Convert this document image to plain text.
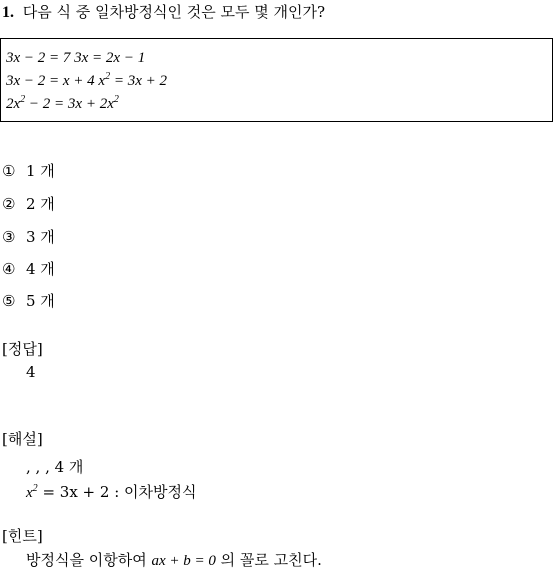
1. 다음 식 중 일차방정식인 것은 모두 몇 개인가?
3x − 2 = 7 3x = 2x − 1
3x − 2 = x + 4 $x^2 = 3x + 2$
$2x^2 - 2 = 3x + 2x^2$
① 1 개
② 2 개
③ 3 개
④ 4 개
⑤ 5 개
[정답]
4
[해설]
, , , 4 개
$x^2 = 3x + 2$ : 이차방정식
[힌트]
방정식을 이항하여 ax + b = 0 의 꼴로 고친다.
